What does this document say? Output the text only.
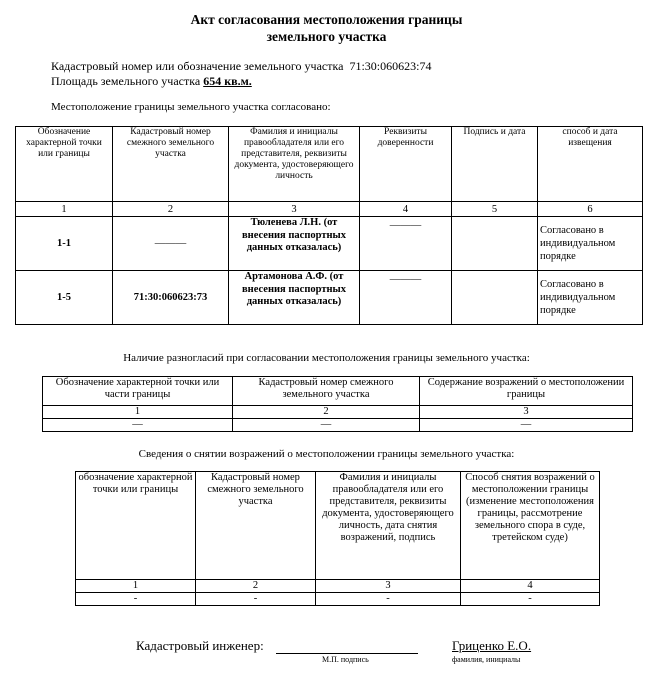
Акт согласования местоположения границы
земельного участка
Кадастровый номер или обозначение земельного участка 71:30:060623:74
Площадь земельного участка 654 кв.м.
Местоположение границы земельного участка согласовано:
Обозначение характерной точки или границы	Кадастровый номер смежного земельного участка	Фамилия и инициалы правообладателя или его представителя, реквизиты документа, удостоверяющего личность	Реквизиты доверенности	Подпись и дата	способ и дата извещения
1	2	3	4	5	6
1-1	———	Тюленева Л.Н. (от внесения паспортных данных отказалась)	———		Согласовано в индивидуальном порядке
1-5	71:30:060623:73	Артамонова А.Ф. (от внесения паспортных данных отказалась)	———		Согласовано в индивидуальном порядке
Наличие разногласий при согласовании местоположения границы земельного участка:
Обозначение характерной точки или части границы	Кадастровый номер смежного земельного участка	Содержание возражений о местоположении границы
1	2	3
—	—	—
Сведения о снятии возражений о местоположении границы земельного участка:
обозначение характерной точки или границы	Кадастровый номер смежного земельного участка	Фамилия и инициалы правообладателя или его представителя, реквизиты документа, удостоверяющего личность, дата снятия возражений, подпись	Способ снятия возражений о местоположении границы (изменение местоположения границы, рассмотрение земельного спора в суде, третейском суде)
1	2	3	4
-	-	-	-
Кадастровый инженер:
М.П. подпись
Гриценко Е.О.
фамилия, инициалы
